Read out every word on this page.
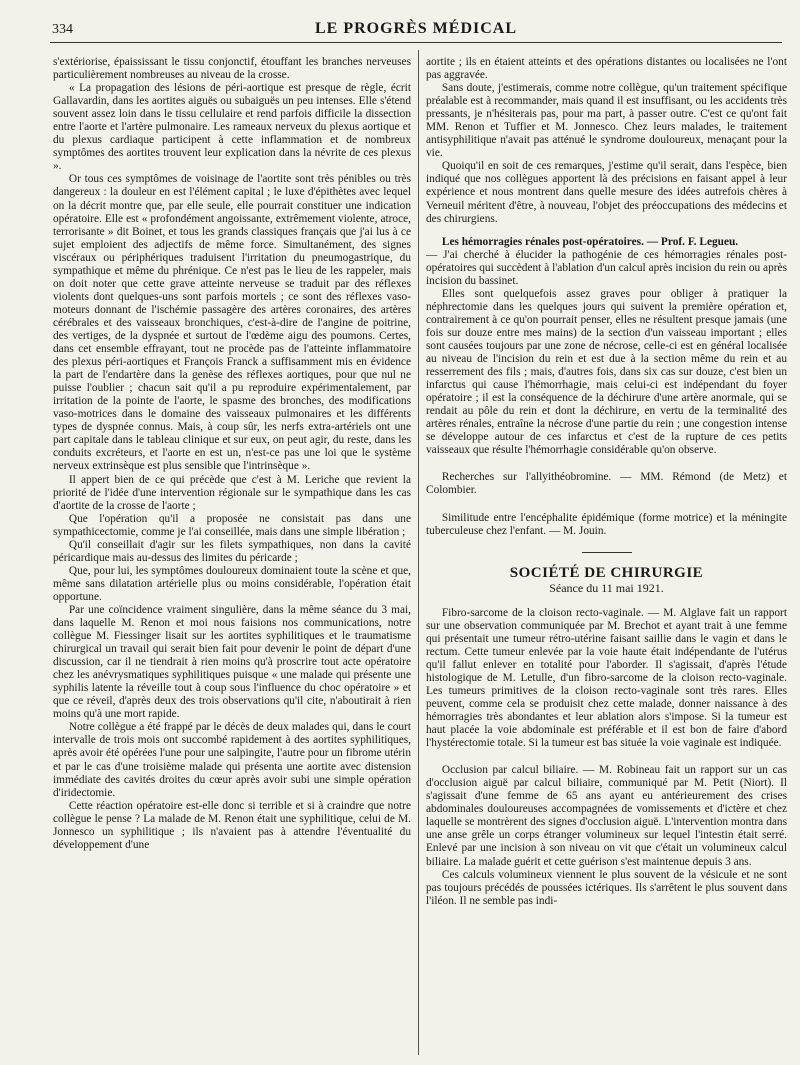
334	LE PROGRÈS MÉDICAL

s'extériorise, épaississant le tissu conjonctif, étouffant les branches nerveuses particulièrement nombreuses au niveau de la crosse.

« La propagation des lésions de péri-aortique est presque de règle, écrit Gallavardin, dans les aortites aiguës ou subaiguës un peu intenses. Elle s'étend souvent assez loin dans le tissu cellulaire et rend parfois difficile la dissection entre l'aorte et l'artère pulmonaire. Les rameaux nerveux du plexus aortique et du plexus cardiaque participent à cette inflammation et de nombreux symptômes des aortites trouvent leur explication dans la névrite de ces plexus ».

Or tous ces symptômes de voisinage de l'aortite sont très pénibles ou très dangereux : la douleur en est l'élément capital ; le luxe d'épithètes avec lequel on la décrit montre que, par elle seule, elle pourrait constituer une indication opératoire. Elle est « profondément angoissante, extrêmement violente, atroce, terrorisante » dit Boinet, et tous les grands classiques français que j'ai lus à ce sujet emploient des adjectifs de même force. Simultanément, des signes viscéraux ou périphériques traduisent l'irritation du pneumogastrique, du sympathique et même du phrénique. Ce n'est pas le lieu de les rappeler, mais on doit noter que cette grave atteinte nerveuse se traduit par des réflexes violents dont quelques-uns sont parfois mortels ; ce sont des réflexes vaso-moteurs donnant de l'ischémie passagère des artères coronaires, des artères cérébrales et des vaisseaux bronchiques, c'est-à-dire de l'angine de poitrine, des vertiges, de la dyspnée et surtout de l'œdème aigu des poumons. Certes, dans cet ensemble effrayant, tout ne procède pas de l'atteinte inflammatoire des plexus péri-aortiques et François Franck a suffisamment mis en évidence la part de l'endartère dans la genèse des réflexes aortiques, pour que nul ne puisse l'oublier ; chacun sait qu'il a pu reproduire expérimentalement, par irritation de la pointe de l'aorte, le spasme des bronches, des modifications vaso-motrices dans le domaine des vaisseaux pulmonaires et les différents types de dyspnée connus. Mais, à coup sûr, les nerfs extra-artériels ont une part capitale dans le tableau clinique et sur eux, on peut agir, du reste, dans les conduits excréteurs, et l'aorte en est un, n'est-ce pas une loi que le système nerveux extrinsèque est plus sensible que l'intrinsèque ».

Il appert bien de ce qui précède que c'est à M. Leriche que revient la priorité de l'idée d'une intervention régionale sur le sympathique dans les cas d'aortite de la crosse de l'aorte ;

Que l'opération qu'il a proposée ne consistait pas dans une sympathicectomie, comme je l'ai conseillée, mais dans une simple libération ;

Qu'il conseillait d'agir sur les filets sympathiques, non dans la cavité péricardique mais au-dessus des limites du péricarde ;

Que, pour lui, les symptômes douloureux dominaient toute la scène et que, même sans dilatation artérielle plus ou moins considérable, l'opération était opportune.

Par une coïncidence vraiment singulière, dans la même séance du 3 mai, dans laquelle M. Renon et moi nous faisions nos communications, notre collègue M. Fiessinger lisait sur les aortites syphilitiques et le traumatisme chirurgical un travail qui serait bien fait pour devenir le point de départ d'une discussion, car il ne tiendrait à rien moins qu'à proscrire tout acte opératoire chez les anévrysmatiques syphilitiques puisque « une malade qui présente une syphilis latente la réveille tout à coup sous l'influence du choc opératoire » et que ce réveil, d'après deux des trois observations qu'il cite, n'aboutirait à rien moins qu'à une mort rapide.

Notre collègue a été frappé par le décès de deux malades qui, dans le court intervalle de trois mois ont succombé rapidement à des aortites syphilitiques, après avoir été opérées l'une pour une salpingite, l'autre pour un fibrome utérin et par le cas d'une troisième malade qui présenta une aortite avec distension immédiate des cavités droites du cœur après avoir subi une simple opération d'iridectomie.

Cette réaction opératoire est-elle donc si terrible et si à craindre que notre collègue le pense ? La malade de M. Renon était une syphilitique, celui de M. Jonnesco un syphilitique ; ils n'avaient pas à attendre l'éventualité du développement d'une

aortite ; ils en étaient atteints et des opérations distantes ou localisées ne l'ont pas aggravée.

Sans doute, j'estimerais, comme notre collègue, qu'un traitement spécifique préalable est à recommander, mais quand il est insuffisant, ou les accidents très pressants, je n'hésiterais pas, pour ma part, à passer outre. C'est ce qu'ont fait MM. Renon et Tuffier et M. Jonnesco. Chez leurs malades, le traitement antisyphilitique n'avait pas atténué le syndrome douloureux, menaçant pour la vie.

Quoiqu'il en soit de ces remarques, j'estime qu'il serait, dans l'espèce, bien indiqué que nos collègues apportent là des précisions en faisant appel à leur expérience et nous montrent dans quelle mesure des idées autrefois chères à Verneuil méritent d'être, à nouveau, l'objet des préoccupations des médecins et des chirurgiens.

Les hémorragies rénales post-opératoires. — Prof. F. Legueu.

— J'ai cherché à élucider la pathogénie de ces hémorragies rénales post-opératoires qui succèdent à l'ablation d'un calcul après incision du rein ou après incision du bassinet.

Elles sont quelquefois assez graves pour obliger à pratiquer la néphrectomie dans les quelques jours qui suivent la première opération et, contrairement à ce qu'on pourrait penser, elles ne résultent presque jamais (une fois sur douze entre mes mains) de la section d'un vaisseau important ; elles sont causées toujours par une zone de nécrose, celle-ci est en général localisée au niveau de l'incision du rein et est due à la section même du rein et au resserrement des fils ; mais, d'autres fois, dans six cas sur douze, c'est bien un infarctus qui cause l'hémorrhagie, mais celui-ci est indépendant du foyer opératoire ; il est la conséquence de la déchirure d'une artère anormale, qui se rendait au pôle du rein et dont la déchirure, en vertu de la terminalité des artères rénales, entraîne la nécrose d'une partie du rein ; une congestion intense se développe autour de ces infarctus et c'est de la rupture de ces petits vaisseaux que résulte l'hémorrhagie considérable qu'on observe.

Recherches sur l'allyithéobromine. — MM. Rémond (de Metz) et Colombier.

Similitude entre l'encéphalite épidémique (forme motrice) et la méningite tuberculeuse chez l'enfant. — M. Jouin.

SOCIÉTÉ DE CHIRURGIE
Séance du 11 mai 1921.

Fibro-sarcome de la cloison recto-vaginale. — M. Alglave fait un rapport sur une observation communiquée par M. Brechot et ayant trait à une femme qui présentait une tumeur rétro-utérine faisant saillie dans le vagin et dans le rectum. Cette tumeur enlevée par la voie haute était indépendante de l'utérus qu'il fallut enlever en totalité pour l'aborder. Il s'agissait, d'après l'étude histologique de M. Letulle, d'un fibro-sarcome de la cloison recto-vaginale. Les tumeurs primitives de la cloison recto-vaginale sont très rares. Elles peuvent, comme cela se produisit chez cette malade, donner naissance à des hémorragies très abondantes et leur ablation alors s'impose. Si la tumeur est haut placée la voie abdominale est préférable et il est bon de faire d'abord l'hystérectomie totale. Si la tumeur est bas située la voie vaginale est indiquée.

Occlusion par calcul biliaire. — M. Robineau fait un rapport sur un cas d'occlusion aiguë par calcul biliaire, communiqué par M. Petit (Niort). Il s'agissait d'une femme de 65 ans ayant eu antérieurement des crises abdominales douloureuses accompagnées de vomissements et d'ictère et chez laquelle se montrèrent des signes d'occlusion aiguë. L'intervention montra dans une anse grêle un corps étranger volumineux sur lequel l'intestin était serré. Enlevé par une incision à son niveau on vit que c'était un volumineux calcul biliaire. La malade guérit et cette guérison s'est maintenue depuis 3 ans.

Ces calculs volumineux viennent le plus souvent de la vésicule et ne sont pas toujours précédés de poussées ictériques. Ils s'arrêtent le plus souvent dans l'iléon. Il ne semble pas indi-
